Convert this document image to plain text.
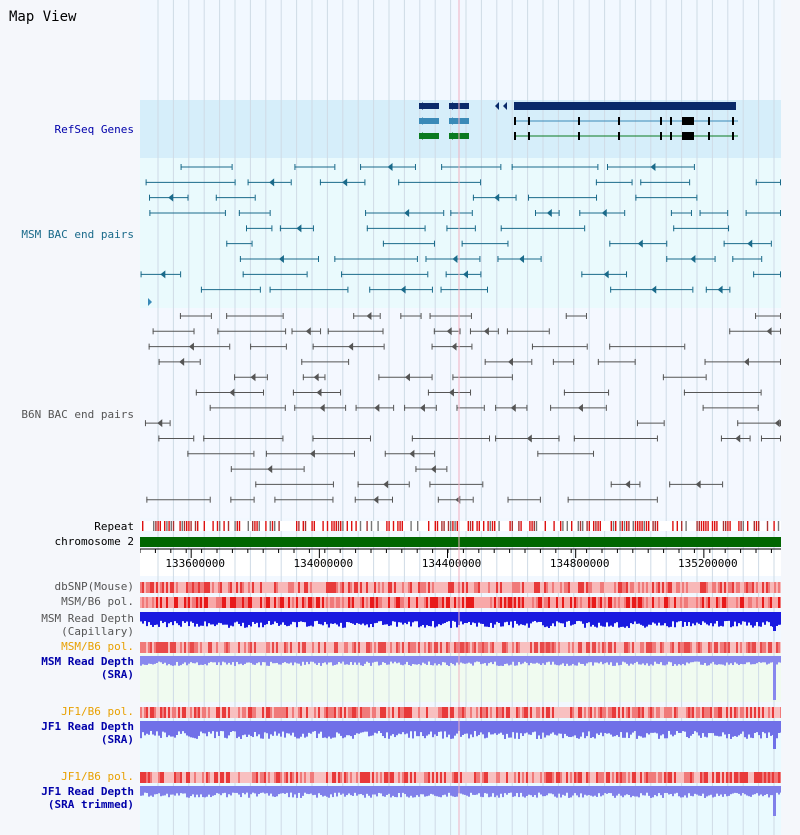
Map View
RefSeq Genes
MSM BAC end pairs
B6N BAC end pairs
Repeat
chromosome 2
dbSNP(Mouse)
MSM/B6 pol.
MSM Read Depth
(Capillary)
MSM/B6 pol.
MSM Read Depth
(SRA)
JF1/B6 pol.
JF1 Read Depth
(SRA)
JF1/B6 pol.
JF1 Read Depth
(SRA trimmed)
133600000	134000000	134400000	134800000	135200000
